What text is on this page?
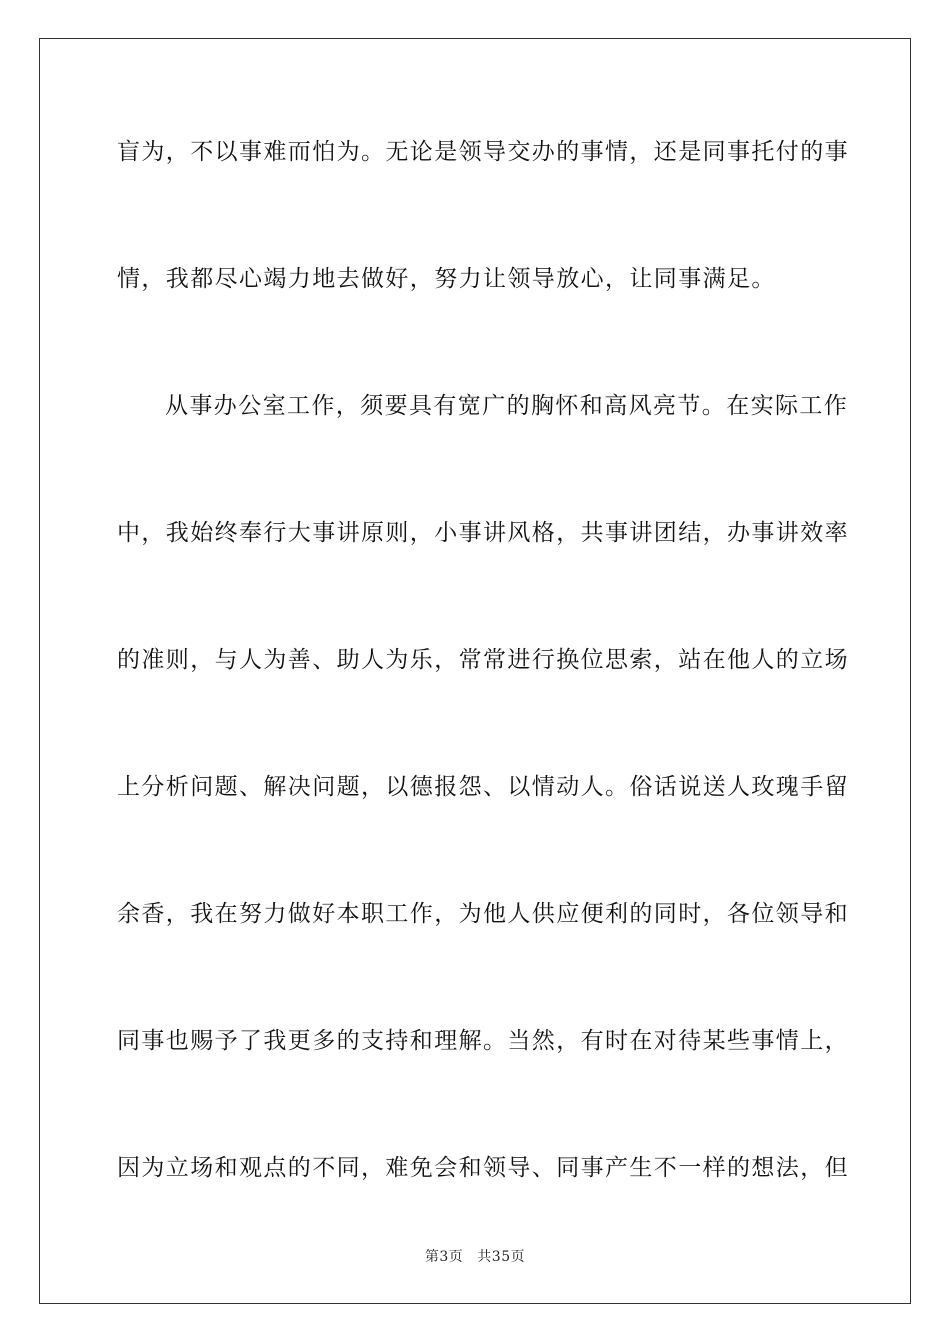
盲为，不以事难而怕为。无论是领导交办的事情，还是同事托付的事
情，我都尽心竭力地去做好，努力让领导放心，让同事满足。
从事办公室工作，须要具有宽广的胸怀和高风亮节。在实际工作
中，我始终奉行大事讲原则，小事讲风格，共事讲团结，办事讲效率
的准则，与人为善、助人为乐，常常进行换位思索，站在他人的立场
上分析问题、解决问题，以德报怨、以情动人。俗话说送人玫瑰手留
余香，我在努力做好本职工作，为他人供应便利的同时，各位领导和
同事也赐予了我更多的支持和理解。当然，有时在对待某些事情上，
因为立场和观点的不同，难免会和领导、同事产生不一样的想法，但
第3页 共35页
